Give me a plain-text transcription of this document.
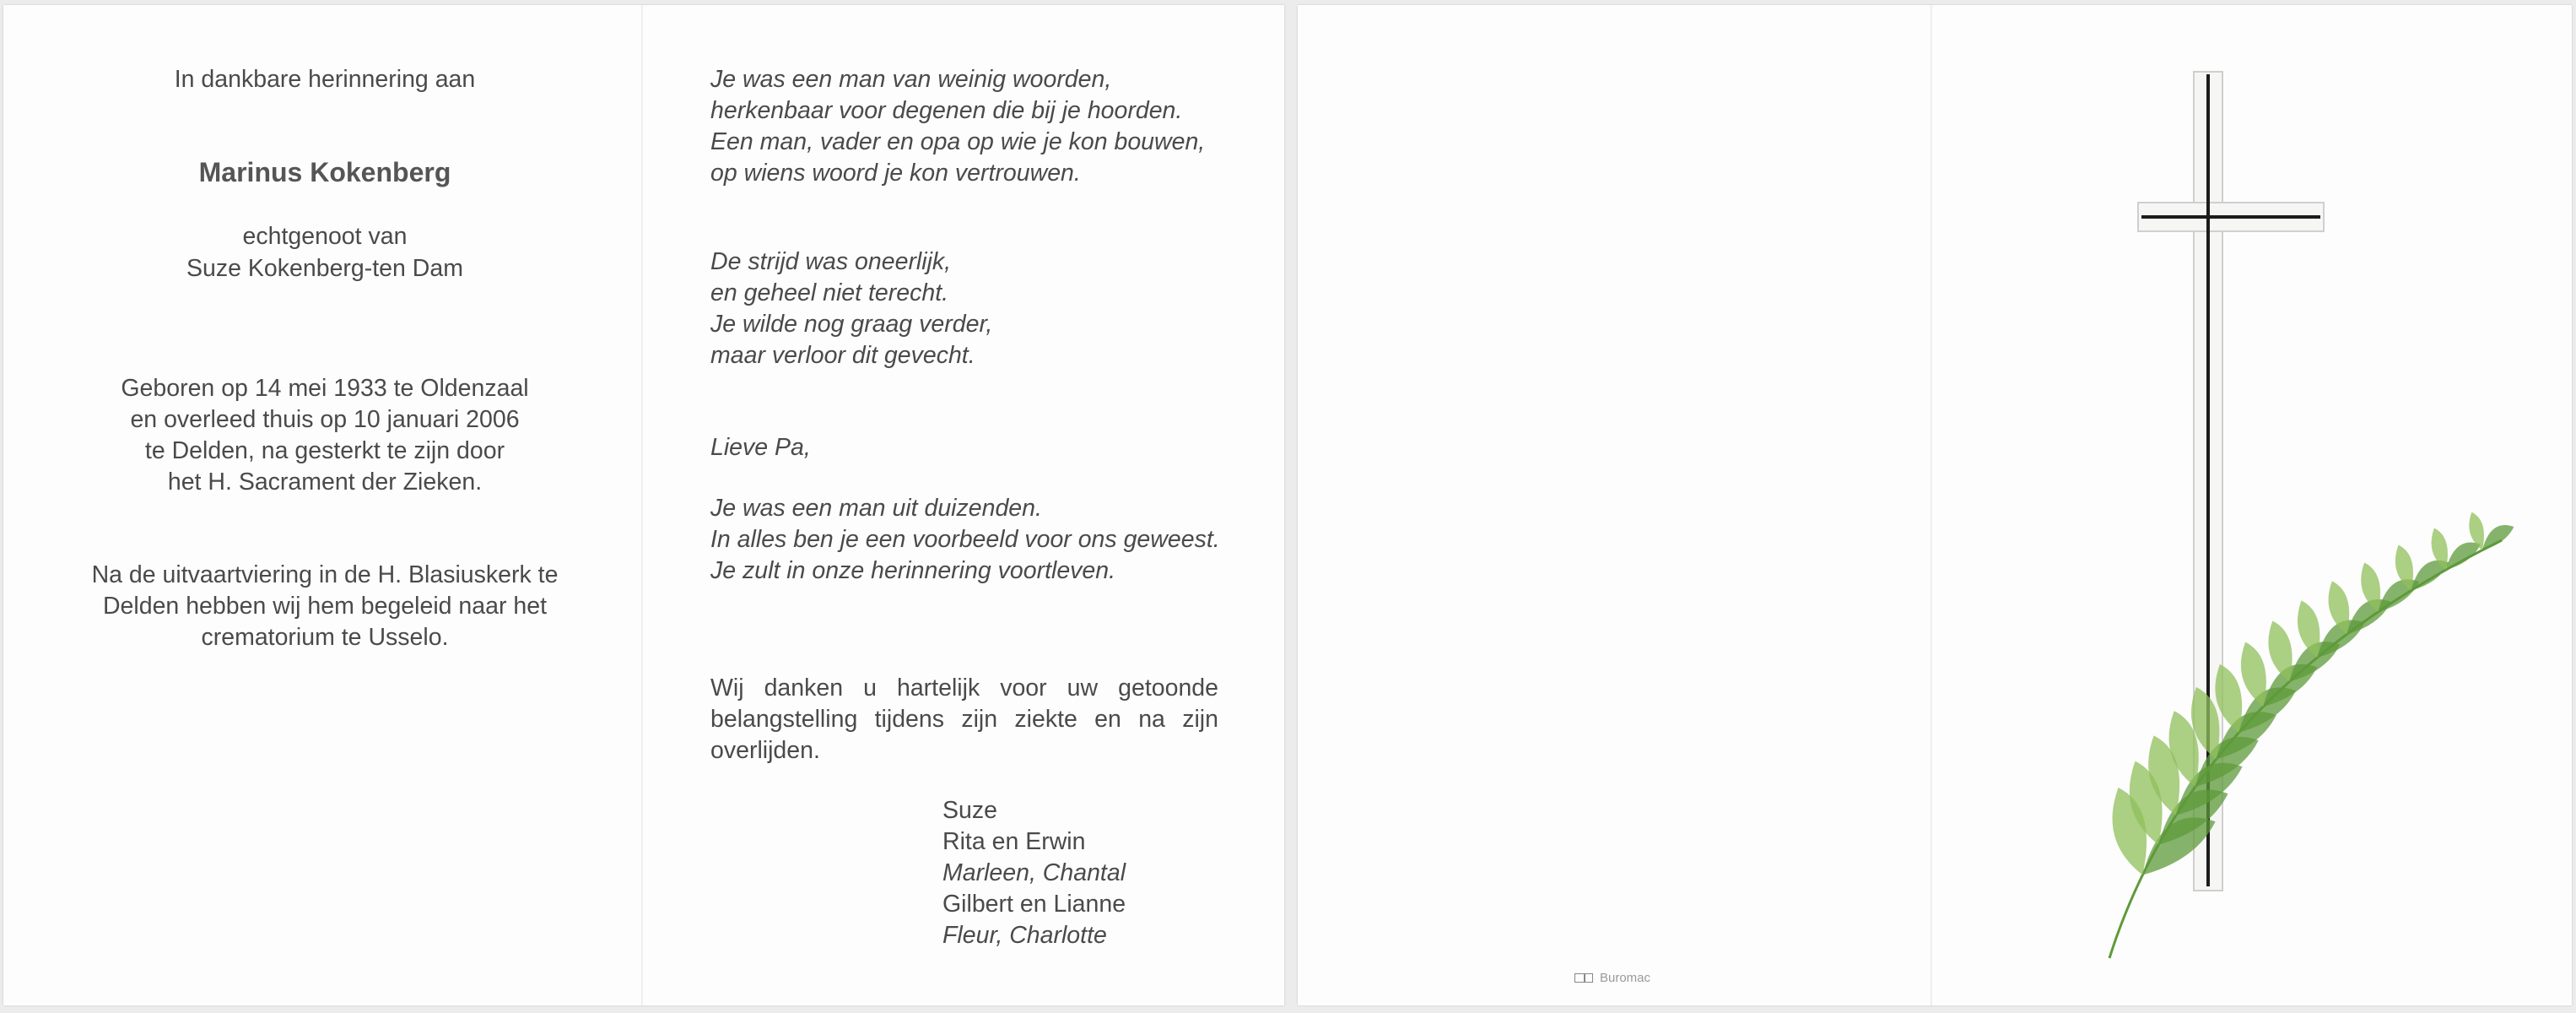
In dankbare herinnering aan
Marinus Kokenberg
echtgenoot van
Suze Kokenberg-ten Dam
Geboren op 14 mei 1933 te Oldenzaal
en overleed thuis op 10 januari 2006
te Delden, na gesterkt te zijn door
het H. Sacrament der Zieken.
Na de uitvaartviering in de H. Blasiuskerk te
Delden hebben wij hem begeleid naar het
crematorium te Usselo.
Je was een man van weinig woorden,
herkenbaar voor degenen die bij je hoorden.
Een man, vader en opa op wie je kon bouwen,
op wiens woord je kon vertrouwen.
De strijd was oneerlijk,
en geheel niet terecht.
Je wilde nog graag verder,
maar verloor dit gevecht.
Lieve Pa,
Je was een man uit duizenden.
In alles ben je een voorbeeld voor ons geweest.
Je zult in onze herinnering voortleven.
Wij danken u hartelijk voor uw getoonde belangstelling tijdens zijn ziekte en na zijn overlijden.
Suze
Rita en Erwin
Marleen, Chantal
Gilbert en Lianne
Fleur, Charlotte
Buromac
